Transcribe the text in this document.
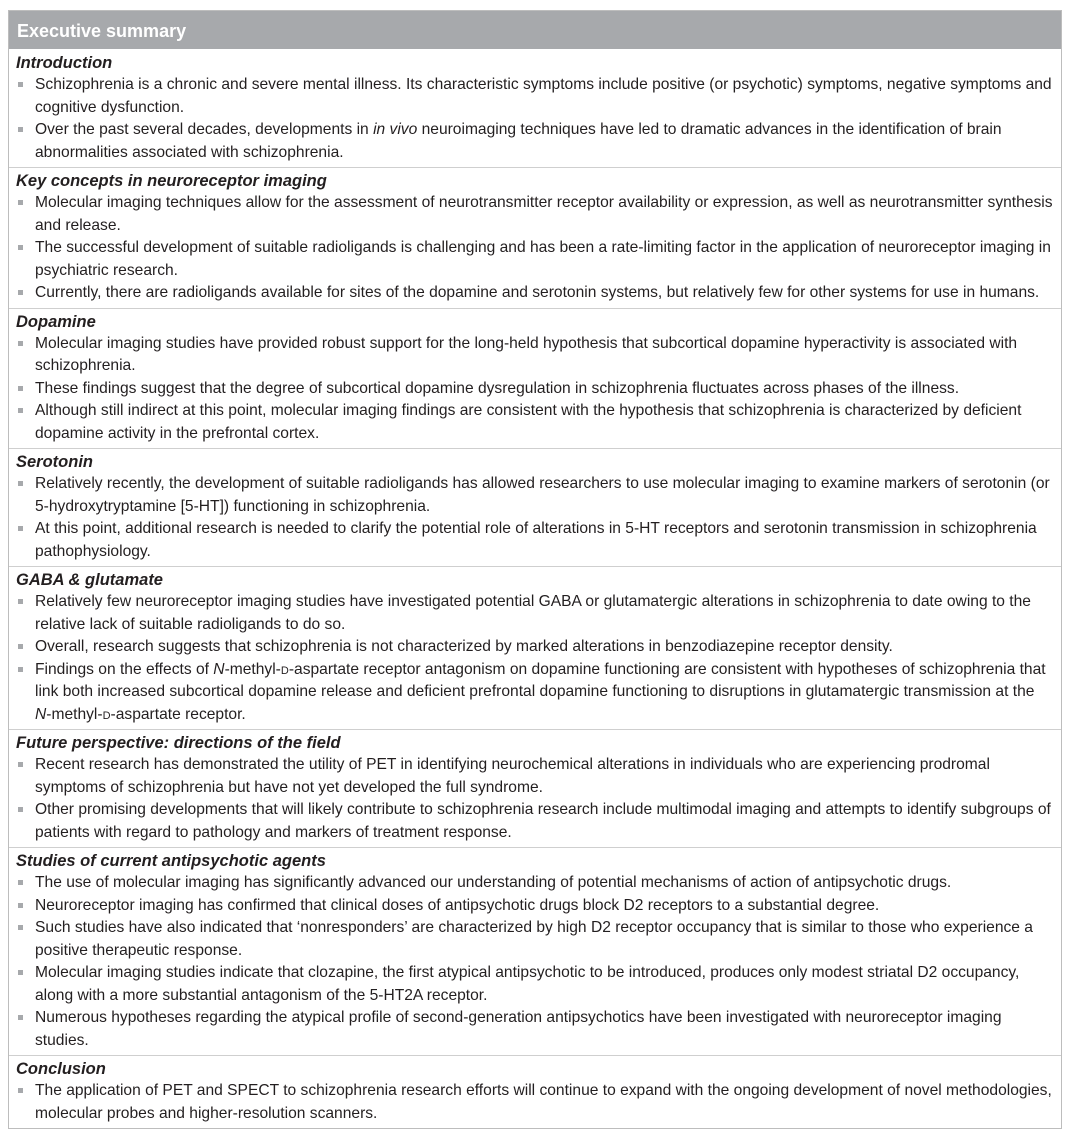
Executive summary
Introduction
Schizophrenia is a chronic and severe mental illness. Its characteristic symptoms include positive (or psychotic) symptoms, negative symptoms and cognitive dysfunction.
Over the past several decades, developments in in vivo neuroimaging techniques have led to dramatic advances in the identification of brain abnormalities associated with schizophrenia.
Key concepts in neuroreceptor imaging
Molecular imaging techniques allow for the assessment of neurotransmitter receptor availability or expression, as well as neurotransmitter synthesis and release.
The successful development of suitable radioligands is challenging and has been a rate-limiting factor in the application of neuroreceptor imaging in psychiatric research.
Currently, there are radioligands available for sites of the dopamine and serotonin systems, but relatively few for other systems for use in humans.
Dopamine
Molecular imaging studies have provided robust support for the long-held hypothesis that subcortical dopamine hyperactivity is associated with schizophrenia.
These findings suggest that the degree of subcortical dopamine dysregulation in schizophrenia fluctuates across phases of the illness.
Although still indirect at this point, molecular imaging findings are consistent with the hypothesis that schizophrenia is characterized by deficient dopamine activity in the prefrontal cortex.
Serotonin
Relatively recently, the development of suitable radioligands has allowed researchers to use molecular imaging to examine markers of serotonin (or 5-hydroxytryptamine [5-HT]) functioning in schizophrenia.
At this point, additional research is needed to clarify the potential role of alterations in 5-HT receptors and serotonin transmission in schizophrenia pathophysiology.
GABA & glutamate
Relatively few neuroreceptor imaging studies have investigated potential GABA or glutamatergic alterations in schizophrenia to date owing to the relative lack of suitable radioligands to do so.
Overall, research suggests that schizophrenia is not characterized by marked alterations in benzodiazepine receptor density.
Findings on the effects of N-methyl-d-aspartate receptor antagonism on dopamine functioning are consistent with hypotheses of schizophrenia that link both increased subcortical dopamine release and deficient prefrontal dopamine functioning to disruptions in glutamatergic transmission at the N-methyl-d-aspartate receptor.
Future perspective: directions of the field
Recent research has demonstrated the utility of PET in identifying neurochemical alterations in individuals who are experiencing prodromal symptoms of schizophrenia but have not yet developed the full syndrome.
Other promising developments that will likely contribute to schizophrenia research include multimodal imaging and attempts to identify subgroups of patients with regard to pathology and markers of treatment response.
Studies of current antipsychotic agents
The use of molecular imaging has significantly advanced our understanding of potential mechanisms of action of antipsychotic drugs.
Neuroreceptor imaging has confirmed that clinical doses of antipsychotic drugs block D2 receptors to a substantial degree.
Such studies have also indicated that ‘nonresponders’ are characterized by high D2 receptor occupancy that is similar to those who experience a positive therapeutic response.
Molecular imaging studies indicate that clozapine, the first atypical antipsychotic to be introduced, produces only modest striatal D2 occupancy, along with a more substantial antagonism of the 5-HT2A receptor.
Numerous hypotheses regarding the atypical profile of second-generation antipsychotics have been investigated with neuroreceptor imaging studies.
Conclusion
The application of PET and SPECT to schizophrenia research efforts will continue to expand with the ongoing development of novel methodologies, molecular probes and higher-resolution scanners.
